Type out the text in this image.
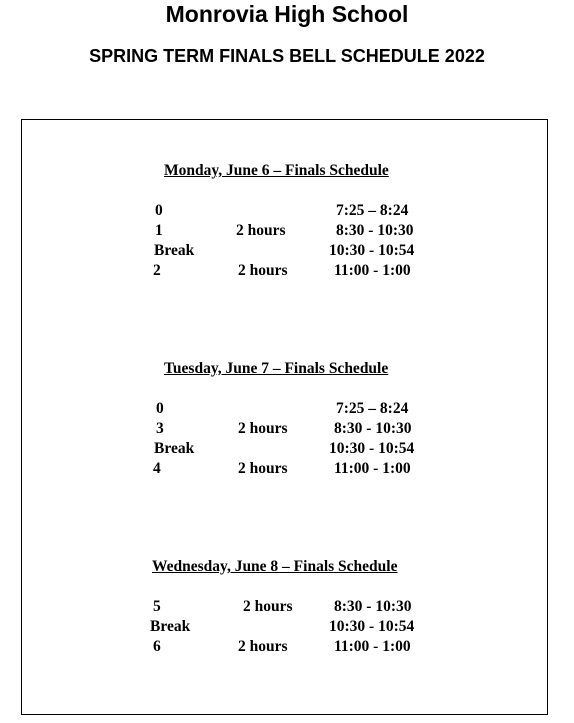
Monrovia High School
SPRING TERM FINALS BELL SCHEDULE 2022
Monday, June 6 – Finals Schedule
0	7:25 – 8:24
1	2 hours	8:30 - 10:30
Break	10:30 - 10:54
2	2 hours	11:00 - 1:00
Tuesday, June 7 – Finals Schedule
0	7:25 – 8:24
3	2 hours	8:30 - 10:30
Break	10:30 - 10:54
4	2 hours	11:00 - 1:00
Wednesday, June 8 – Finals Schedule
5	2 hours	8:30 - 10:30
Break	10:30 - 10:54
6	2 hours	11:00 - 1:00
